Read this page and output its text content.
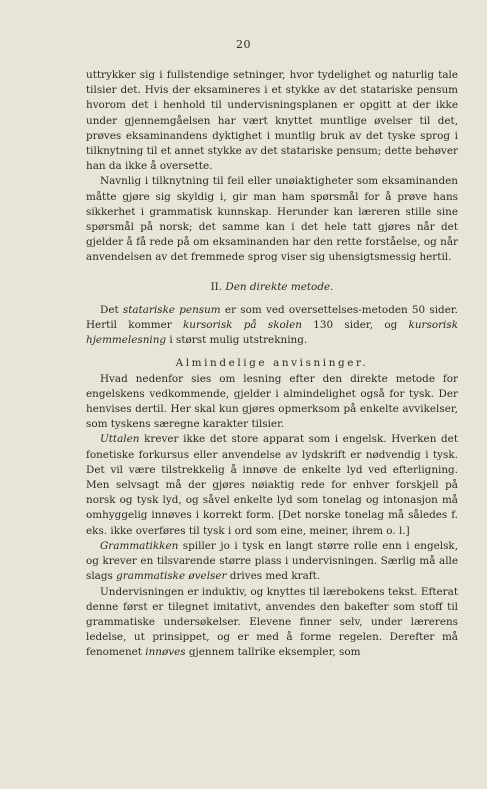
20

uttrykker sig i fullstendige setninger, hvor tydelighet og naturlig tale tilsier det. Hvis der eksamineres i et stykke av det statariske pensum hvorom det i henhold til undervisningsplanen er opgitt at der ikke under gjennemgåelsen har vært knyttet muntlige øvelser til det, prøves eksaminandens dyktighet i muntlig bruk av det tyske sprog i tilknytning til et annet stykke av det statariske pensum; dette behøver han da ikke å oversette.

Navnlig i tilknytning til feil eller unøiaktigheter som eksaminanden måtte gjøre sig skyldig i, gir man ham spørsmål for å prøve hans sikkerhet i grammatisk kunnskap. Herunder kan læreren stille sine spørsmål på norsk; det samme kan i det hele tatt gjøres når det gjelder å få rede på om eksaminanden har den rette forståelse, og når anvendelsen av det fremmede sprog viser sig uhensigtsmessig hertil.

II. Den direkte metode.

Det statariske pensum er som ved oversettelses-metoden 50 sider. Hertil kommer kursorisk på skolen 130 sider, og kursorisk hjemmelesning i størst mulig utstrekning.

Almindelige anvisninger.

Hvad nedenfor sies om lesning efter den direkte metode for engelskens vedkommende, gjelder i almindelighet også for tysk. Der henvises dertil. Her skal kun gjøres opmerksom på enkelte avvikelser, som tyskens særegne karakter tilsier.

Uttalen krever ikke det store apparat som i engelsk. Hverken det fonetiske forkursus eller anvendelse av lydskrift er nødvendig i tysk. Det vil være tilstrekkelig å innøve de enkelte lyd ved efterligning. Men selvsagt må der gjøres nøiaktig rede for enhver forskjell på norsk og tysk lyd, og såvel enkelte lyd som tonelag og intonasjon må omhyggelig innøves i korrekt form. [Det norske tonelag må således f. eks. ikke overføres til tysk i ord som eine, meiner, ihrem o. l.]

Grammatikken spiller jo i tysk en langt større rolle enn i engelsk, og krever en tilsvarende større plass i undervisningen. Særlig må alle slags grammatiske øvelser drives med kraft.

Undervisningen er induktiv, og knyttes til lærebokens tekst. Efterat denne først er tilegnet imitativt, anvendes den bakefter som stoff til grammatiske undersøkelser. Elevene finner selv, under lærerens ledelse, ut prinsippet, og er med å forme regelen. Derefter må fenomenet innøves gjennem tallrike eksempler, som
